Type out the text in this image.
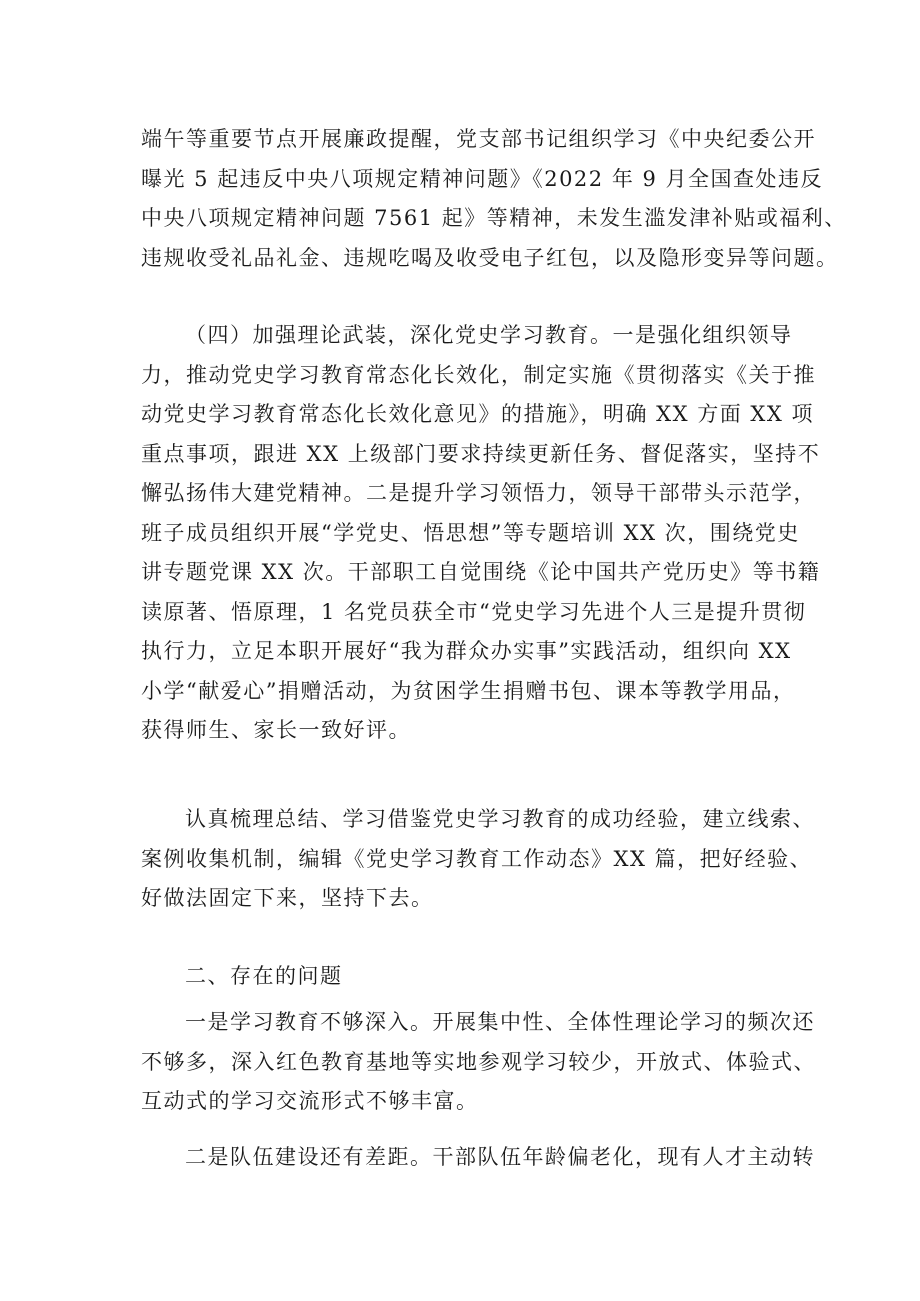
端午等重要节点开展廉政提醒，党支部书记组织学习《中央纪委公开
曝光 5 起违反中央八项规定精神问题》《2022 年 9 月全国查处违反
中央八项规定精神问题 7561 起》等精神，未发生滥发津补贴或福利、
违规收受礼品礼金、违规吃喝及收受电子红包，以及隐形变异等问题。
（四）加强理论武装，深化党史学习教育。一是强化组织领导
力，推动党史学习教育常态化长效化，制定实施《贯彻落实《关于推
动党史学习教育常态化长效化意见》的措施》，明确 XX 方面 XX 项
重点事项，跟进 XX 上级部门要求持续更新任务、督促落实，坚持不
懈弘扬伟大建党精神。二是提升学习领悟力，领导干部带头示范学，
班子成员组织开展“学党史、悟思想”等专题培训 XX 次，围绕党史
讲专题党课 XX 次。干部职工自觉围绕《论中国共产党历史》等书籍
读原著、悟原理，1 名党员获全市“党史学习先进个人三是提升贯彻
执行力，立足本职开展好“我为群众办实事”实践活动，组织向 XX
小学“献爱心”捐赠活动，为贫困学生捐赠书包、课本等教学用品，
获得师生、家长一致好评。
认真梳理总结、学习借鉴党史学习教育的成功经验，建立线索、
案例收集机制，编辑《党史学习教育工作动态》XX 篇，把好经验、
好做法固定下来，坚持下去。
二、存在的问题
一是学习教育不够深入。开展集中性、全体性理论学习的频次还
不够多，深入红色教育基地等实地参观学习较少，开放式、体验式、
互动式的学习交流形式不够丰富。
二是队伍建设还有差距。干部队伍年龄偏老化，现有人才主动转
